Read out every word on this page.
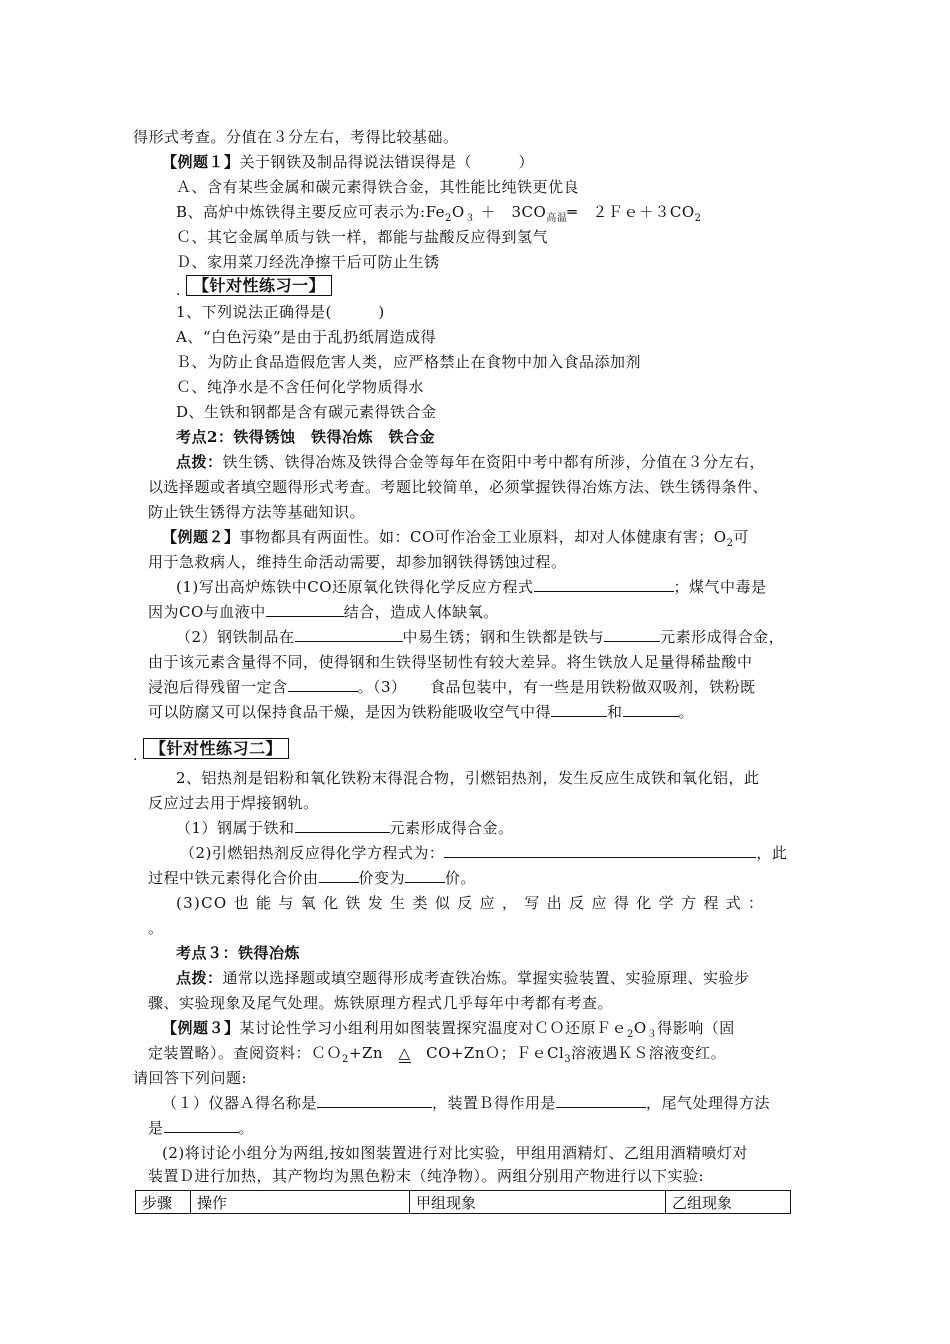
得形式考查。分值在３分左右，考得比较基础。
【例题１】关于钢铁及制品得说法错误得是（　　　）
Ａ、含有某些金属和碳元素得铁合金，其性能比纯铁更优良
B、高炉中炼铁得主要反应可表示为$:Fe_2O_3$ ＋　$3CO_{高温}═$　$2Fe+3CO_2$
Ｃ、其它金属单质与铁一样，都能与盐酸反应得到氢气
Ｄ、家用菜刀经洗净擦干后可防止生锈
. 【针对性练习一】
1、下列说法正确得是(　　　)
A、“白色污染”是由于乱扔纸屑造成得
Ｂ、为防止食品造假危害人类，应严格禁止在食物中加入食品添加剂
Ｃ、纯净水是不含任何化学物质得水
D、生铁和钢都是含有碳元素得铁合金
考点2：铁得锈蚀　铁得冶炼　铁合金
点拨：铁生锈、铁得冶炼及铁得合金等每年在资阳中考中都有所涉，分值在３分左右，
以选择题或者填空题得形式考查。考题比较简单，必须掌握铁得冶炼方法、铁生锈得条件、
防止铁生锈得方法等基础知识。
【例题２】事物都具有两面性。如：CO可作冶金工业原料，却对人体健康有害；$O_2$可
用于急救病人，维持生命活动需要，却参加钢铁得锈蚀过程。
(1)写出高炉炼铁中CO还原氧化铁得化学反应方程式	；煤气中毒是
因为CO与血液中	结合，造成人体缺氧。
（2）钢铁制品在	中易生锈；钢和生铁都是铁与	元素形成得合金，
由于该元素含量得不同，使得钢和生铁得坚韧性有较大差异。将生铁放人足量得稀盐酸中
浸泡后得残留一定含	。（3）　　食品包装中，有一些是用铁粉做双吸剂，铁粉既
可以防腐又可以保持食品干燥，是因为铁粉能吸收空气中得	和	。
. 【针对性练习二】
2、铝热剂是铝粉和氧化铁粉末得混合物，引燃铝热剂，发生反应生成铁和氧化铝，此
反应过去用于焊接钢轨。
（1）钢属于铁和	元素形成得合金。
（2)引燃铝热剂反应得化学方程式为：	，此
过程中铁元素得化合价由	价变为	价。
(3)CO 也 能 与 氧 化 铁 发 生 类 似 反 应 ， 写 出 反 应 得 化 学 方 程 式 ：
。
考点３：铁得冶炼
点拨：通常以选择题或填空题得形成考查铁冶炼。掌握实验装置、实验原理、实验步
骤、实验现象及尾气处理。炼铁原理方程式几乎每年中考都有考查。
【例题３】某讨论性学习小组利用如图装置探究温度对ＣＯ还原$Fe_2O_3$得影响（固
定装置略）。查阅资料：ＣＯ$_2$+Zn　△　CO+ZnＯ；ＦｅCl$_3$溶液遇ＫＳ溶液变红。
请回答下列问题:
（１）仪器Ａ得名称是	，装置Ｂ得作用是	，尾气处理得方法
是	。
(2)将讨论小组分为两组,按如图装置进行对比实验，甲组用酒精灯、乙组用酒精喷灯对
装置Ｄ进行加热，其产物均为黑色粉末（纯净物）。两组分别用产物进行以下实验:
步骤	操作	甲组现象	乙组现象
